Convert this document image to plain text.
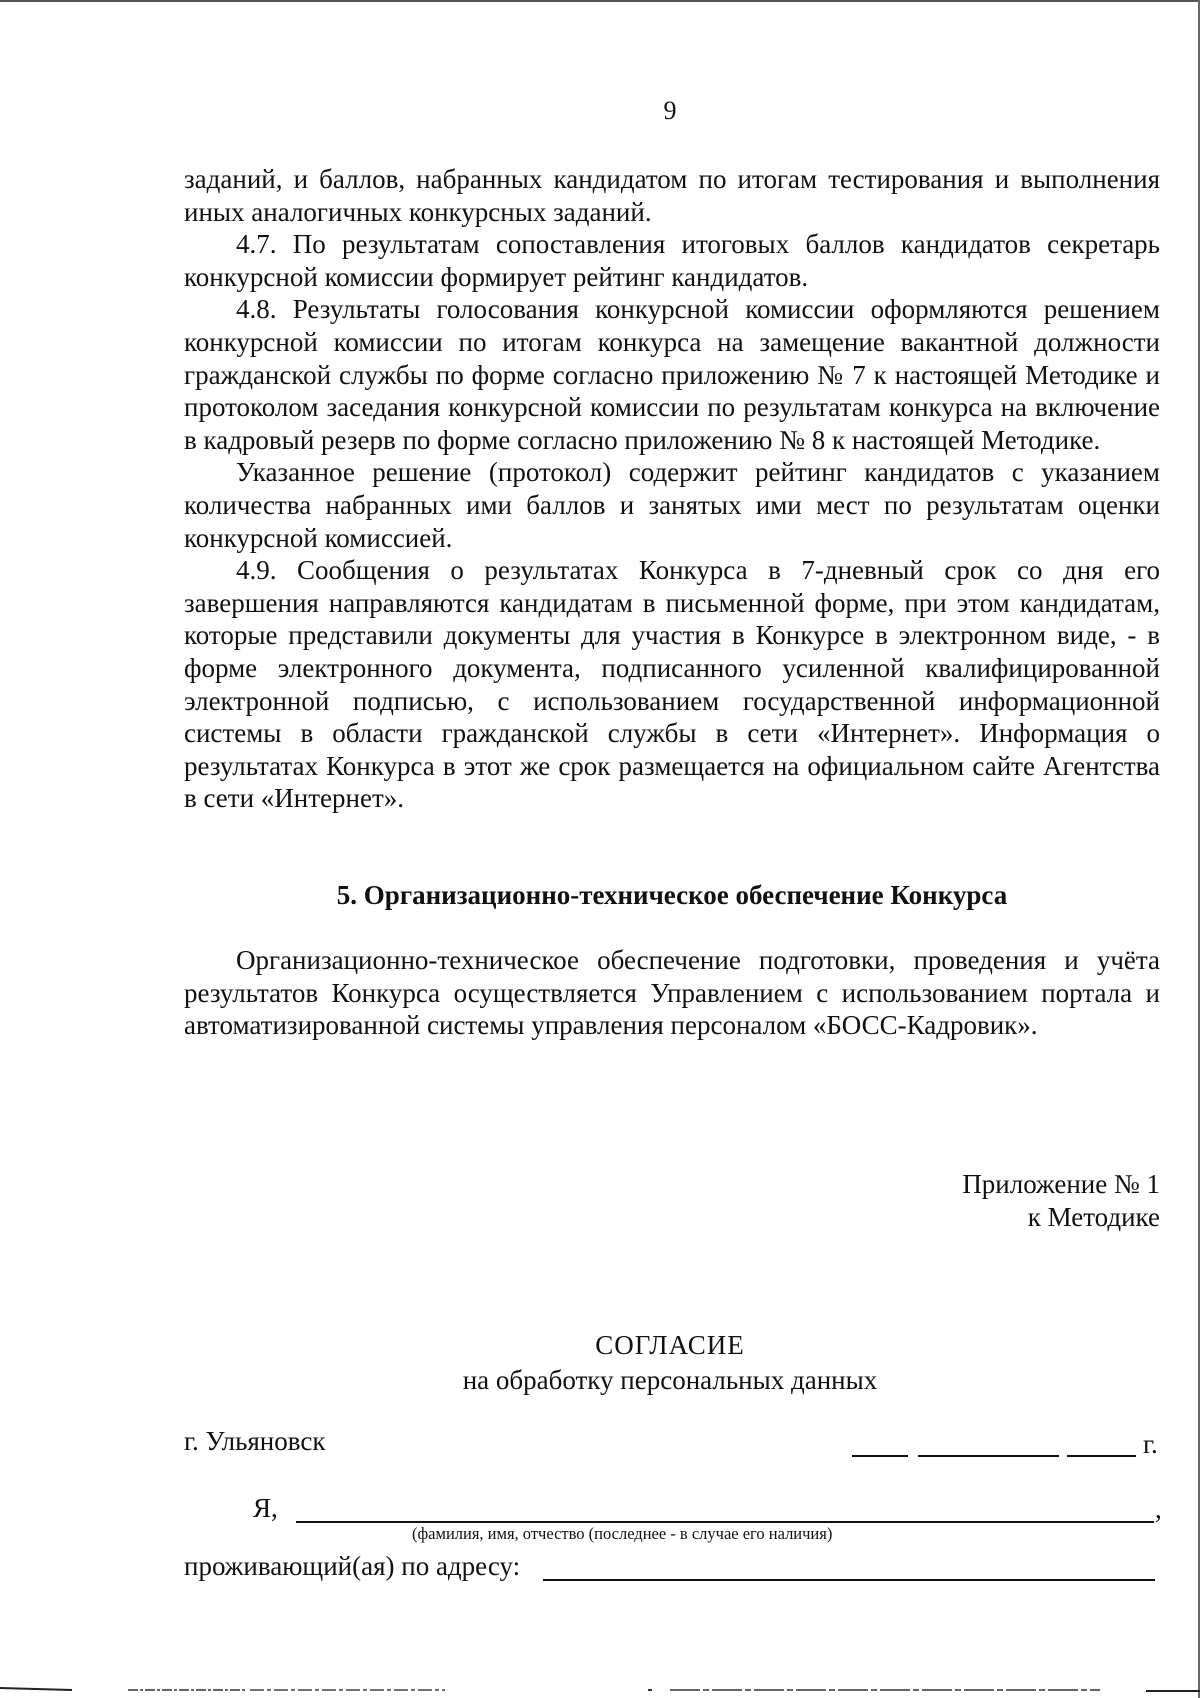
9

заданий, и баллов, набранных кандидатом по итогам тестирования и выполнения иных аналогичных конкурсных заданий.

4.7. По результатам сопоставления итоговых баллов кандидатов секретарь конкурсной комиссии формирует рейтинг кандидатов.

4.8. Результаты голосования конкурсной комиссии оформляются решением конкурсной комиссии по итогам конкурса на замещение вакантной должности гражданской службы по форме согласно приложению № 7 к настоящей Методике и протоколом заседания конкурсной комиссии по результатам конкурса на включение в кадровый резерв по форме согласно приложению № 8 к настоящей Методике.

Указанное решение (протокол) содержит рейтинг кандидатов с указанием количества набранных ими баллов и занятых ими мест по результатам оценки конкурсной комиссией.

4.9. Сообщения о результатах Конкурса в 7-дневный срок со дня его завершения направляются кандидатам в письменной форме, при этом кандидатам, которые представили документы для участия в Конкурсе в электронном виде, - в форме электронного документа, подписанного усиленной квалифицированной электронной подписью, с использованием государственной информационной системы в области гражданской службы в сети «Интернет». Информация о результатах Конкурса в этот же срок размещается на официальном сайте Агентства в сети «Интернет».

5. Организационно-техническое обеспечение Конкурса
Организационно-техническое обеспечение подготовки, проведения и учёта результатов Конкурса осуществляется Управлением с использованием портала и автоматизированной системы управления персоналом «БОСС-Кадровик».
Приложение № 1
к Методике
СОГЛАСИЕ
на обработку персональных данных
г. Ульяновск	г.
Я,	,
(фамилия, имя, отчество (последнее - в случае его наличия)
проживающий(ая) по адресу:
